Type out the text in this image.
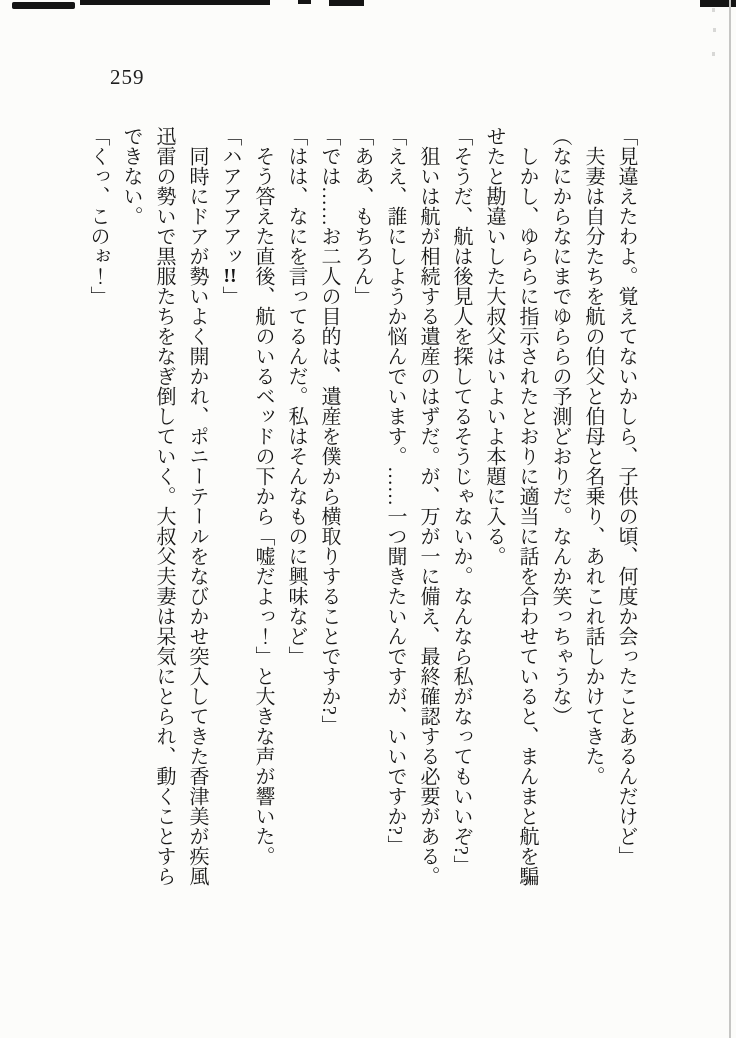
259

「見違えたわよ。覚えてないかしら、子供の頃、何度か会ったことあるんだけど」

夫妻は自分たちを航の伯父と伯母と名乗り、あれこれ話しかけてきた。

（なにからなにまでゆららの予測どおりだ。なんか笑っちゃうな）

しかし、ゆららに指示されたとおりに適当に話を合わせていると、まんまと航を騙せたと勘違いした大叔父はいよいよ本題に入る。

「そうだ、航は後見人を探してるそうじゃないか。なんなら私がなってもいいぞ?」

狙いは航が相続する遺産のはずだ。が、万が一に備え、最終確認する必要がある。

「ええ、誰にしようか悩んでいます。……一つ聞きたいんですが、いいですか?」

「ああ、もちろん」

「では……お二人の目的は、遺産を僕から横取りすることですか?」

「はは、なにを言ってるんだ。私はそんなものに興味など」

そう答えた直後、航のいるベッドの下から「嘘だよっ！」と大きな声が響いた。

「ハアアアアッ!!」

同時にドアが勢いよく開かれ、ポニーテールをなびかせ突入してきた香津美が疾風迅雷の勢いで黒服たちをなぎ倒していく。大叔父夫妻は呆気にとられ、動くことすらできない。

「くっ、このぉ！」
